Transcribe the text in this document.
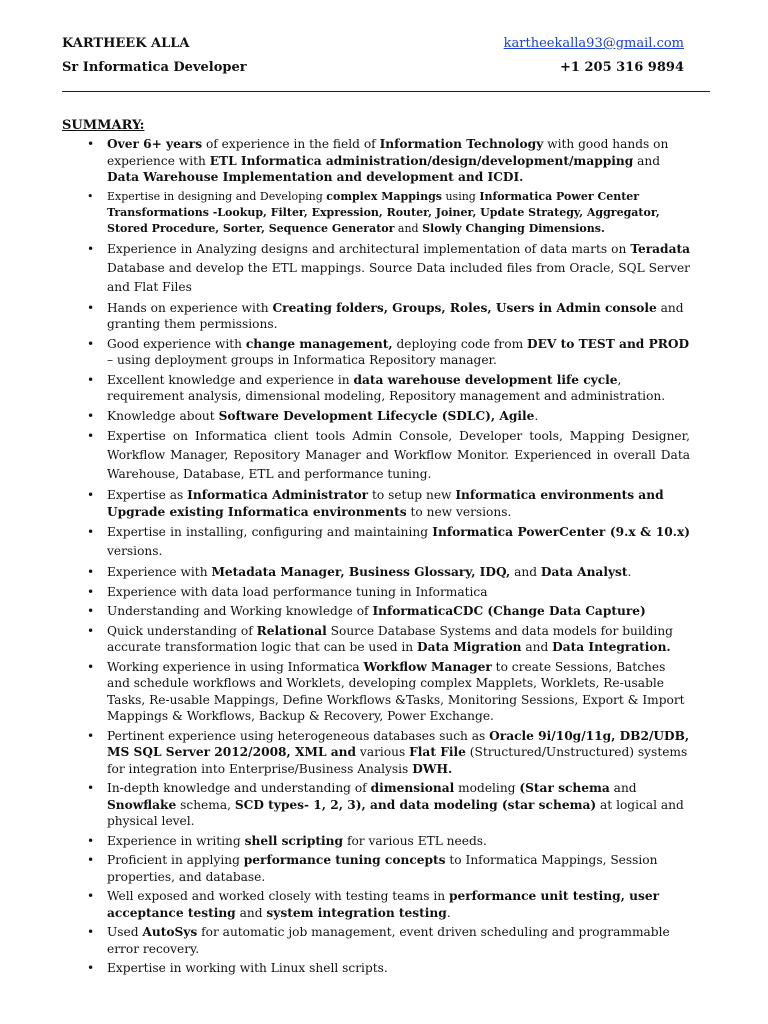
KARTHEEK ALLA
Sr Informatica Developer
kartheekalla93@gmail.com
+1 205 316 9894
SUMMARY:
• Over 6+ years of experience in the field of Information Technology with good hands on experience with ETL Informatica administration/design/development/mapping and Data Warehouse Implementation and development and ICDI.
• Expertise in designing and Developing complex Mappings using Informatica Power Center Transformations -Lookup, Filter, Expression, Router, Joiner, Update Strategy, Aggregator, Stored Procedure, Sorter, Sequence Generator and Slowly Changing Dimensions.
• Experience in Analyzing designs and architectural implementation of data marts on Teradata Database and develop the ETL mappings. Source Data included files from Oracle, SQL Server and Flat Files
• Hands on experience with Creating folders, Groups, Roles, Users in Admin console and granting them permissions.
• Good experience with change management, deploying code from DEV to TEST and PROD – using deployment groups in Informatica Repository manager.
• Excellent knowledge and experience in data warehouse development life cycle, requirement analysis, dimensional modeling, Repository management and administration.
• Knowledge about Software Development Lifecycle (SDLC), Agile.
• Expertise on Informatica client tools Admin Console, Developer tools, Mapping Designer, Workflow Manager, Repository Manager and Workflow Monitor. Experienced in overall Data Warehouse, Database, ETL and performance tuning.
• Expertise as Informatica Administrator to setup new Informatica environments and Upgrade existing Informatica environments to new versions.
• Expertise in installing, configuring and maintaining Informatica PowerCenter (9.x & 10.x) versions.
• Experience with Metadata Manager, Business Glossary, IDQ, and Data Analyst.
• Experience with data load performance tuning in Informatica
• Understanding and Working knowledge of InformaticaCDC (Change Data Capture)
• Quick understanding of Relational Source Database Systems and data models for building accurate transformation logic that can be used in Data Migration and Data Integration.
• Working experience in using Informatica Workflow Manager to create Sessions, Batches and schedule workflows and Worklets, developing complex Mapplets, Worklets, Re-usable Tasks, Re-usable Mappings, Define Workflows &Tasks, Monitoring Sessions, Export & Import Mappings & Workflows, Backup & Recovery, Power Exchange.
• Pertinent experience using heterogeneous databases such as Oracle 9i/10g/11g, DB2/UDB, MS SQL Server 2012/2008, XML and various Flat File (Structured/Unstructured) systems for integration into Enterprise/Business Analysis DWH.
• In-depth knowledge and understanding of dimensional modeling (Star schema and Snowflake schema, SCD types- 1, 2, 3), and data modeling (star schema) at logical and physical level.
• Experience in writing shell scripting for various ETL needs.
• Proficient in applying performance tuning concepts to Informatica Mappings, Session properties, and database.
• Well exposed and worked closely with testing teams in performance unit testing, user acceptance testing and system integration testing.
• Used AutoSys for automatic job management, event driven scheduling and programmable error recovery.
• Expertise in working with Linux shell scripts.
